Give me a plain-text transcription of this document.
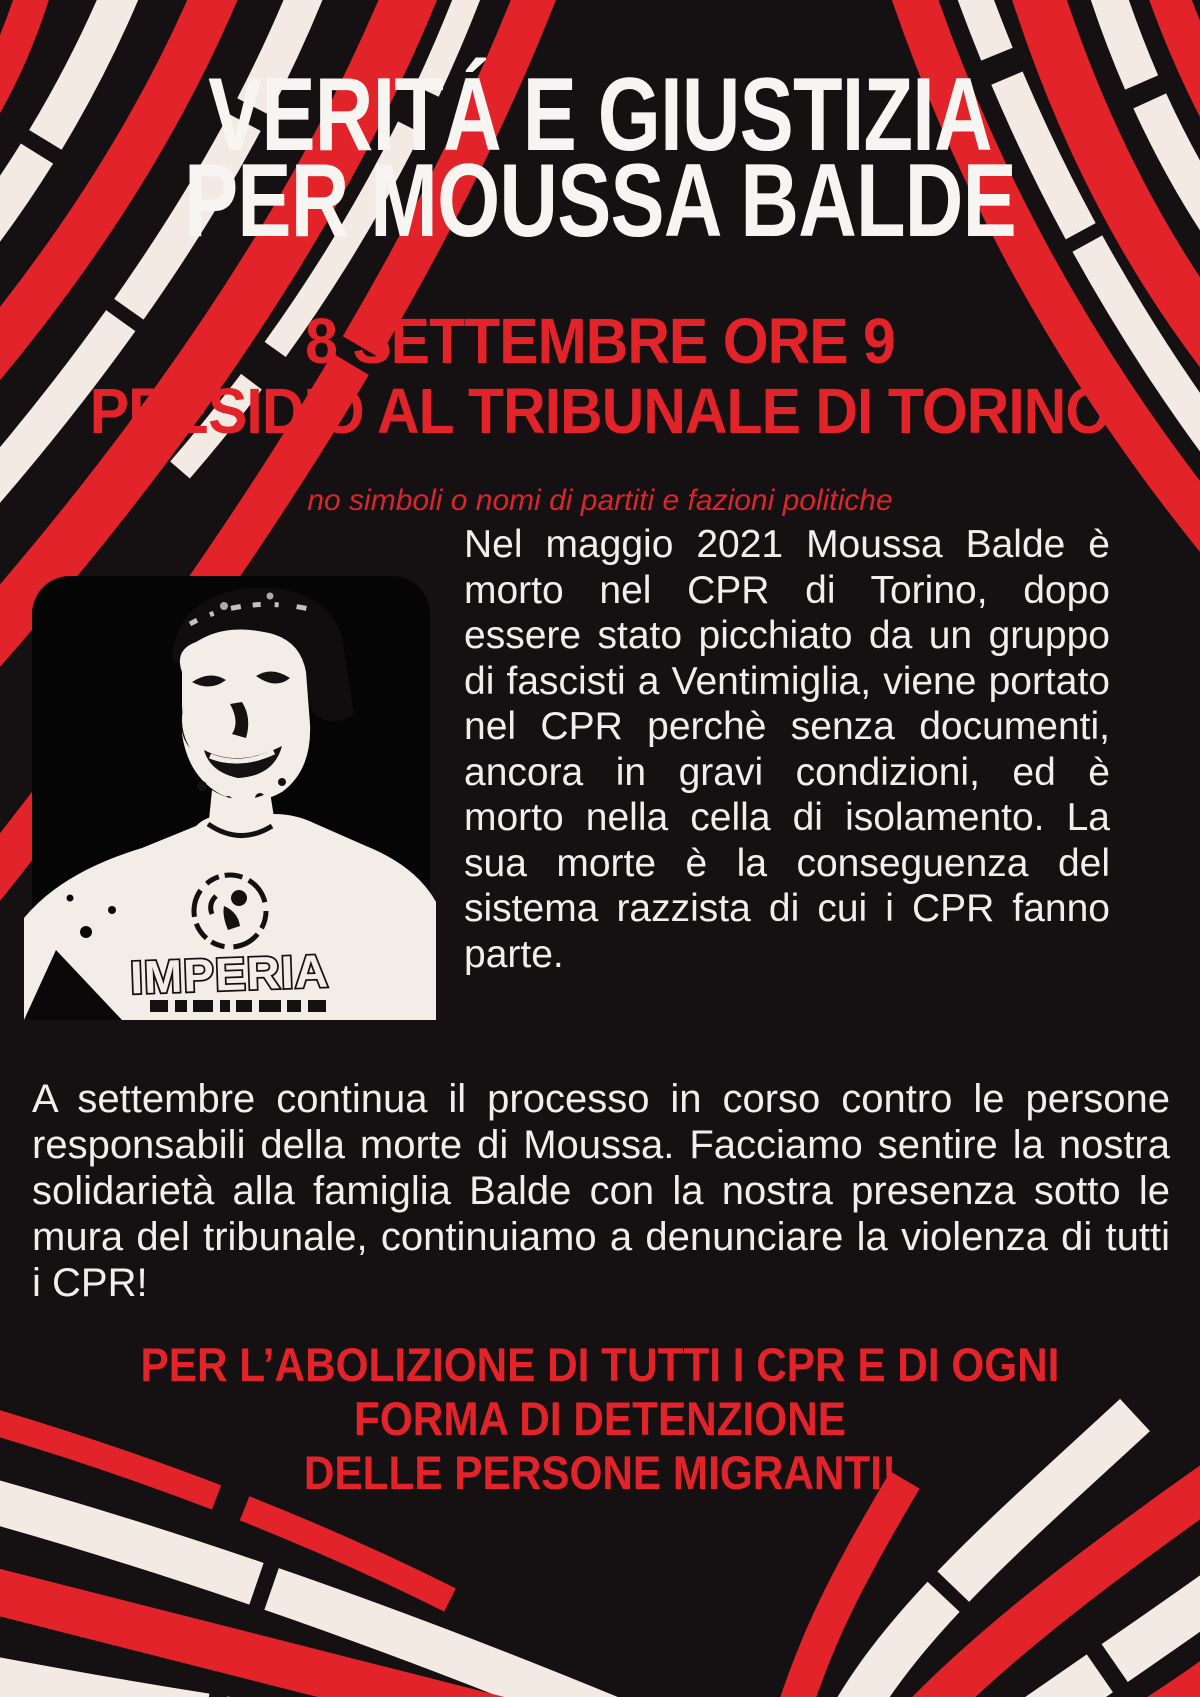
VERITÁ E GIUSTIZIA
PER MOUSSA BALDE
8 SETTEMBRE ORE 9
PRESIDIO AL TRIBUNALE DI TORINO
no simboli o nomi di partiti e fazioni politiche
IMPERIA

Nel maggio 2021 Moussa Balde è morto nel CPR di Torino, dopo essere stato picchiato da un gruppo di fascisti a Ventimiglia, viene portato nel CPR perchè senza documenti, ancora in gravi condizioni, ed è morto nella cella di isolamento. La sua morte è la conseguenza del sistema razzista di cui i CPR fanno parte.

A settembre continua il processo in corso contro le persone responsabili della morte di Moussa. Facciamo sentire la nostra solidarietà alla famiglia Balde con la nostra presenza sotto le mura del tribunale, continuiamo a denunciare la violenza di tutti i CPR!

PER L’ABOLIZIONE DI TUTTI I CPR E DI OGNI
FORMA DI DETENZIONE
DELLE PERSONE MIGRANTI!
